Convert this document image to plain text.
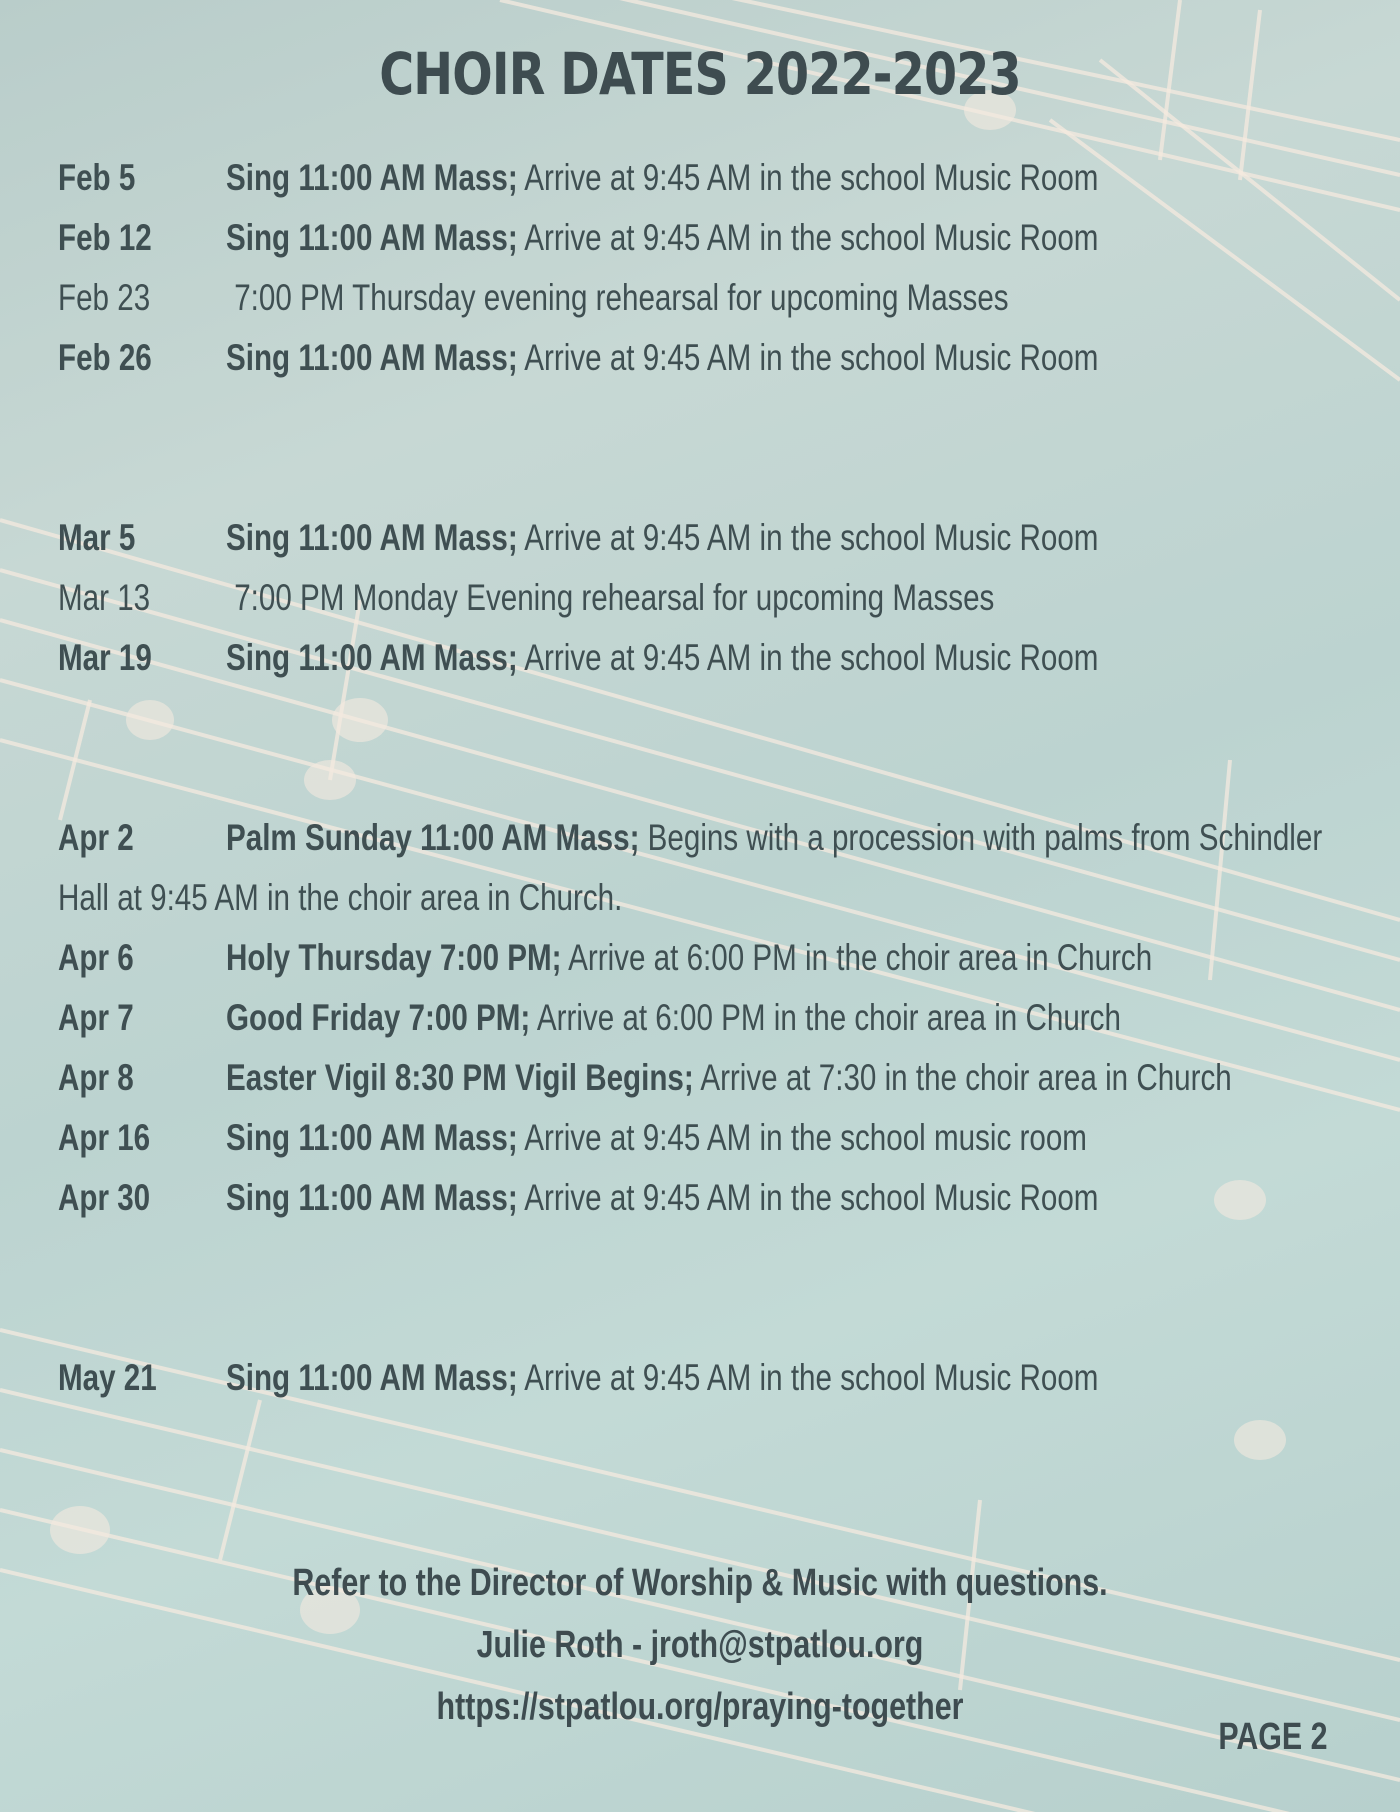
CHOIR DATES 2022-2023
Feb 5 Sing 11:00 AM Mass; Arrive at 9:45 AM in the school Music Room
Feb 12 Sing 11:00 AM Mass; Arrive at 9:45 AM in the school Music Room
Feb 23 7:00 PM Thursday evening rehearsal for upcoming Masses
Feb 26 Sing 11:00 AM Mass; Arrive at 9:45 AM in the school Music Room
Mar 5 Sing 11:00 AM Mass; Arrive at 9:45 AM in the school Music Room
Mar 13 7:00 PM Monday Evening rehearsal for upcoming Masses
Mar 19 Sing 11:00 AM Mass; Arrive at 9:45 AM in the school Music Room
Apr 2 Palm Sunday 11:00 AM Mass; Begins with a procession with palms from Schindler Hall at 9:45 AM in the choir area in Church.
Apr 6 Holy Thursday 7:00 PM; Arrive at 6:00 PM in the choir area in Church
Apr 7 Good Friday 7:00 PM; Arrive at 6:00 PM in the choir area in Church
Apr 8 Easter Vigil 8:30 PM Vigil Begins; Arrive at 7:30 in the choir area in Church
Apr 16 Sing 11:00 AM Mass; Arrive at 9:45 AM in the school music room
Apr 30 Sing 11:00 AM Mass; Arrive at 9:45 AM in the school Music Room
May 21 Sing 11:00 AM Mass; Arrive at 9:45 AM in the school Music Room
Refer to the Director of Worship & Music with questions.
Julie Roth - jroth@stpatlou.org
https://stpatlou.org/praying-together
PAGE 2
